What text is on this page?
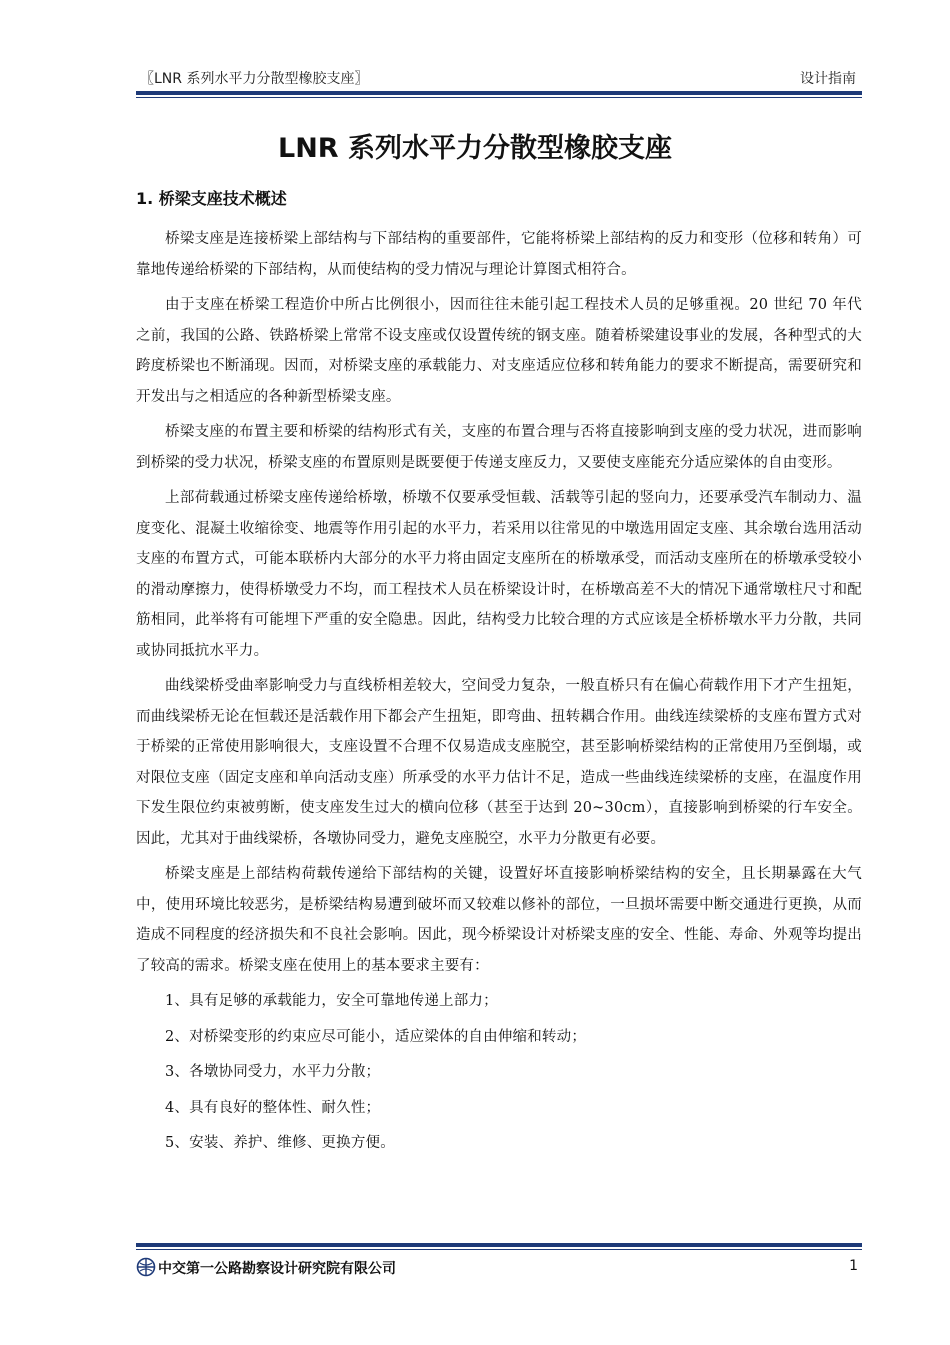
〖LNR 系列水平力分散型橡胶支座〗	设计指南
LNR 系列水平力分散型橡胶支座
1. 桥梁支座技术概述

桥梁支座是连接桥梁上部结构与下部结构的重要部件，它能将桥梁上部结构的反力和变形（位移和转角）可靠地传递给桥梁的下部结构，从而使结构的受力情况与理论计算图式相符合。

由于支座在桥梁工程造价中所占比例很小，因而往往未能引起工程技术人员的足够重视。20 世纪 70 年代之前，我国的公路、铁路桥梁上常常不设支座或仅设置传统的钢支座。随着桥梁建设事业的发展，各种型式的大跨度桥梁也不断涌现。因而，对桥梁支座的承载能力、对支座适应位移和转角能力的要求不断提高，需要研究和开发出与之相适应的各种新型桥梁支座。

桥梁支座的布置主要和桥梁的结构形式有关，支座的布置合理与否将直接影响到支座的受力状况，进而影响到桥梁的受力状况，桥梁支座的布置原则是既要便于传递支座反力，又要使支座能充分适应梁体的自由变形。

上部荷载通过桥梁支座传递给桥墩，桥墩不仅要承受恒载、活载等引起的竖向力，还要承受汽车制动力、温度变化、混凝土收缩徐变、地震等作用引起的水平力，若采用以往常见的中墩选用固定支座、其余墩台选用活动支座的布置方式，可能本联桥内大部分的水平力将由固定支座所在的桥墩承受，而活动支座所在的桥墩承受较小的滑动摩擦力，使得桥墩受力不均，而工程技术人员在桥梁设计时，在桥墩高差不大的情况下通常墩柱尺寸和配筋相同，此举将有可能埋下严重的安全隐患。因此，结构受力比较合理的方式应该是全桥桥墩水平力分散，共同或协同抵抗水平力。

曲线梁桥受曲率影响受力与直线桥相差较大，空间受力复杂，一般直桥只有在偏心荷载作用下才产生扭矩，而曲线梁桥无论在恒载还是活载作用下都会产生扭矩，即弯曲、扭转耦合作用。曲线连续梁桥的支座布置方式对于桥梁的正常使用影响很大，支座设置不合理不仅易造成支座脱空，甚至影响桥梁结构的正常使用乃至倒塌，或对限位支座（固定支座和单向活动支座）所承受的水平力估计不足，造成一些曲线连续梁桥的支座，在温度作用下发生限位约束被剪断，使支座发生过大的横向位移（甚至于达到 20~30cm），直接影响到桥梁的行车安全。因此，尤其对于曲线梁桥，各墩协同受力，避免支座脱空，水平力分散更有必要。

桥梁支座是上部结构荷载传递给下部结构的关键，设置好坏直接影响桥梁结构的安全，且长期暴露在大气中，使用环境比较恶劣，是桥梁结构易遭到破坏而又较难以修补的部位，一旦损坏需要中断交通进行更换，从而造成不同程度的经济损失和不良社会影响。因此，现今桥梁设计对桥梁支座的安全、性能、寿命、外观等均提出了较高的需求。桥梁支座在使用上的基本要求主要有：

1、具有足够的承载能力，安全可靠地传递上部力；
2、对桥梁变形的约束应尽可能小，适应梁体的自由伸缩和转动；
3、各墩协同受力，水平力分散；
4、具有良好的整体性、耐久性；
5、安装、养护、维修、更换方便。
中交第一公路勘察设计研究院有限公司	1
